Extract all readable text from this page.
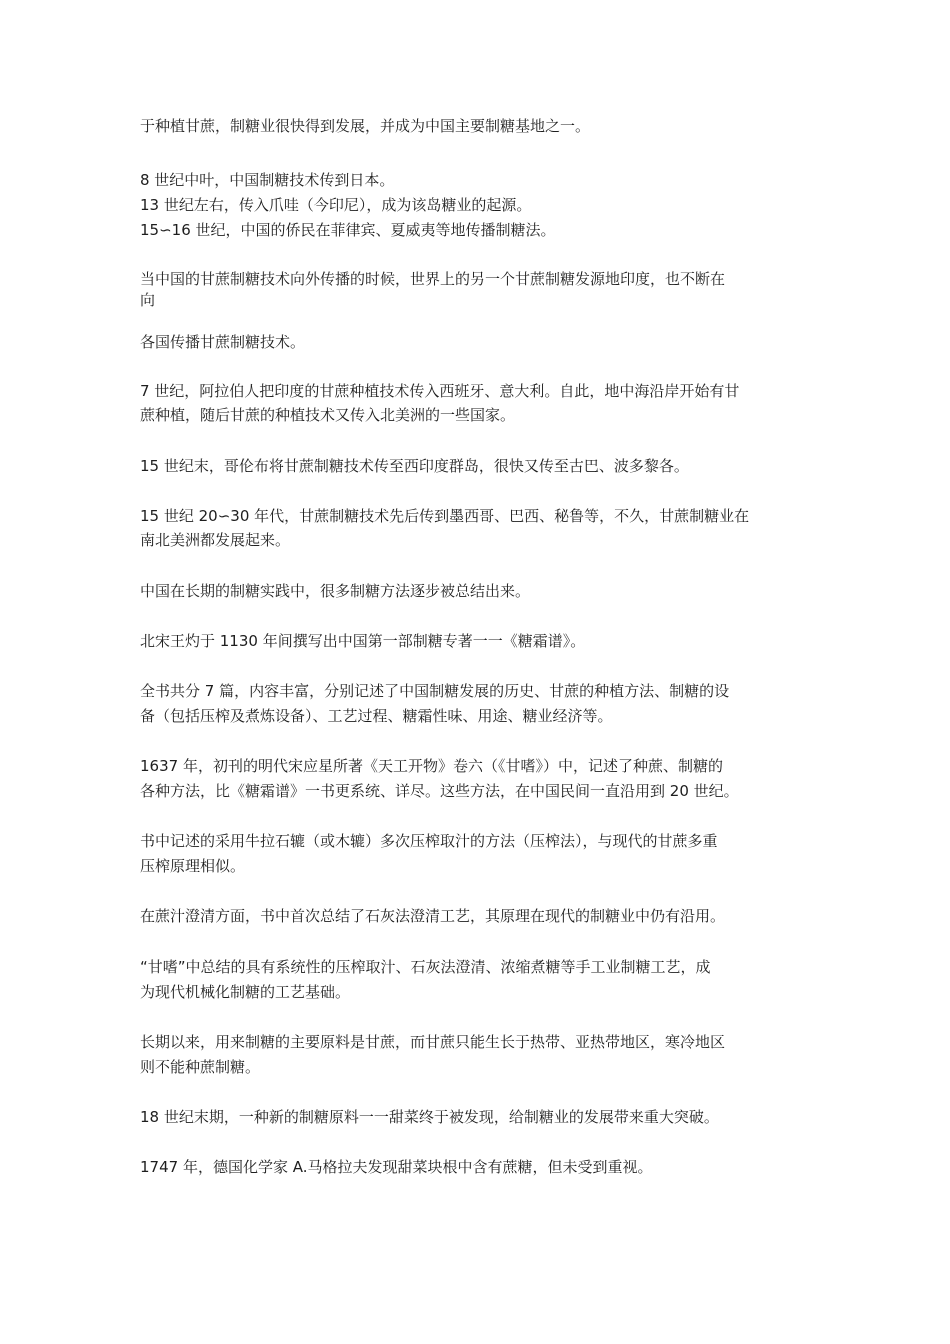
于种植甘蔗，制糖业很快得到发展，并成为中国主要制糖基地之一。

8 世纪中叶，中国制糖技术传到日本。

13 世纪左右，传入爪哇（今印尼），成为该岛糖业的起源。

15∽16 世纪，中国的侨民在菲律宾、夏威夷等地传播制糖法。

当中国的甘蔗制糖技术向外传播的时候，世界上的另一个甘蔗制糖发源地印度，也不断在

向

各国传播甘蔗制糖技术。

7 世纪，阿拉伯人把印度的甘蔗种植技术传入西班牙、意大利。自此，地中海沿岸开始有甘

蔗种植，随后甘蔗的种植技术又传入北美洲的一些国家。

15 世纪末，哥伦布将甘蔗制糖技术传至西印度群岛，很快又传至古巴、波多黎各。

15 世纪 20∽30 年代，甘蔗制糖技术先后传到墨西哥、巴西、秘鲁等，不久，甘蔗制糖业在

南北美洲都发展起来。

中国在长期的制糖实践中，很多制糖方法逐步被总结出来。

北宋王灼于 1130 年间撰写出中国第一部制糖专著一一《糖霜谱》。

全书共分 7 篇，内容丰富，分别记述了中国制糖发展的历史、甘蔗的种植方法、制糖的设

备（包括压榨及煮炼设备）、工艺过程、糖霜性味、用途、糖业经济等。

1637 年，初刊的明代宋应星所著《天工开物》卷六（《甘嗜》）中，记述了种蔗、制糖的

各种方法，比《糖霜谱》一书更系统、详尽。这些方法，在中国民间一直沿用到 20 世纪。

书中记述的采用牛拉石辘（或木辘）多次压榨取汁的方法（压榨法），与现代的甘蔗多重

压榨原理相似。

在蔗汁澄清方面，书中首次总结了石灰法澄清工艺，其原理在现代的制糖业中仍有沿用。

“甘嗜”中总结的具有系统性的压榨取汁、石灰法澄清、浓缩煮糖等手工业制糖工艺，成

为现代机械化制糖的工艺基础。

长期以来，用来制糖的主要原料是甘蔗，而甘蔗只能生长于热带、亚热带地区，寒冷地区

则不能种蔗制糖。

18 世纪末期，一种新的制糖原料一一甜菜终于被发现，给制糖业的发展带来重大突破。

1747 年，德国化学家 A.马格拉夫发现甜菜块根中含有蔗糖，但未受到重视。
